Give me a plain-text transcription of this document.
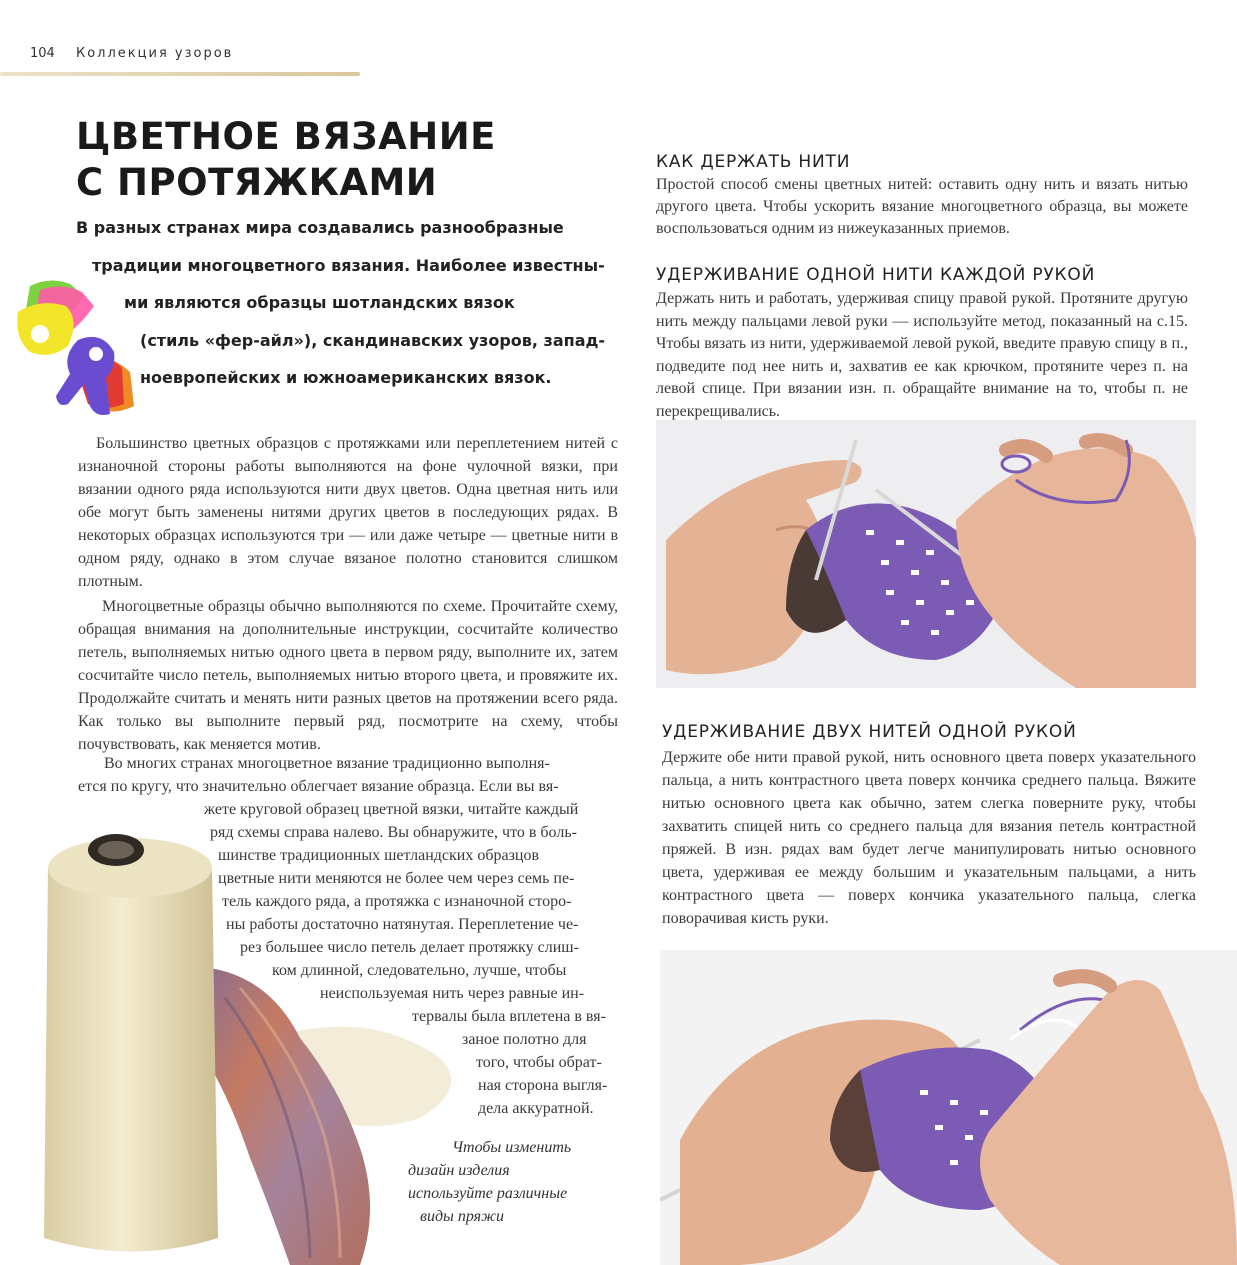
104 Коллекция узоров
ЦВЕТНОЕ ВЯЗАНИЕ
С ПРОТЯЖКАМИ
В разных странах мира создавались разнообразные
традиции многоцветного вязания. Наиболее известны-
ми являются образцы шотландских вязок
(стиль «фер-айл»), скандинавских узоров, запад-
ноевропейских и южноамериканских вязок.

Большинство цветных образцов с протяжками или переплетением нитей с изнаночной стороны работы выполняются на фоне чулочной вязки, при вязании одного ряда используются нити двух цветов. Одна цветная нить или обе могут быть заменены нитями других цветов в последующих рядах. В некоторых образцах используются три — или даже четыре — цветные нити в одном ряду, однако в этом случае вязаное полотно становится слишком плотным.

Многоцветные образцы обычно выполняются по схеме. Прочитайте схему, обращая внимания на дополнительные инструкции, сосчитайте количество петель, выполняемых нитью одного цвета в первом ряду, выполните их, затем сосчитайте число петель, выполняемых нитью второго цвета, и провяжите их. Продолжайте считать и менять нити разных цветов на протяжении всего ряда. Как только вы выполните первый ряд, посмотрите на схему, чтобы почувствовать, как меняется мотив.

Во многих странах многоцветное вязание традиционно выполня-
ется по кругу, что значительно облегчает вязание образца. Если вы вя-
жете круговой образец цветной вязки, читайте каждый
ряд схемы справа налево. Вы обнаружите, что в боль-
шинстве традиционных шетландских образцов
цветные нити меняются не более чем через семь пе-
тель каждого ряда, а протяжка с изнаночной сторо-
ны работы достаточно натянутая. Переплетение че-
рез большее число петель делает протяжку слиш-
ком длинной, следовательно, лучше, чтобы
неиспользуемая нить через равные ин-
тервалы была вплетена в вя-
заное полотно для
того, чтобы обрат-
ная сторона выгля-
дела аккуратной.
Чтобы изменить
дизайн изделия
используйте различные
виды пряжи
КАК ДЕРЖАТЬ НИТИ
Простой способ смены цветных нитей: оставить одну нить и вязать нитью другого цвета. Чтобы ускорить вязание многоцветного образца, вы можете воспользоваться одним из нижеуказанных приемов.
УДЕРЖИВАНИЕ ОДНОЙ НИТИ КАЖДОЙ РУКОЙ
Держать нить и работать, удерживая спицу правой рукой. Протяните другую нить между пальцами левой руки — используйте метод, показанный на с.15. Чтобы вязать из нити, удерживаемой левой рукой, введите правую спицу в п., подведите под нее нить и, захватив ее как крючком, протяните через п. на левой спице. При вязании изн. п. обращайте внимание на то, чтобы п. не перекрещивались.
УДЕРЖИВАНИЕ ДВУХ НИТЕЙ ОДНОЙ РУКОЙ
Держите обе нити правой рукой, нить основного цвета поверх указательного пальца, а нить контрастного цвета поверх кончика среднего пальца. Вяжите нитью основного цвета как обычно, затем слегка поверните руку, чтобы захватить спицей нить со среднего пальца для вязания петель контрастной пряжей. В изн. рядах вам будет легче манипулировать нитью основного цвета, удерживая ее между большим и указательным пальцами, а нить контрастного цвета — поверх кончика указательного пальца, слегка поворачивая кисть руки.
